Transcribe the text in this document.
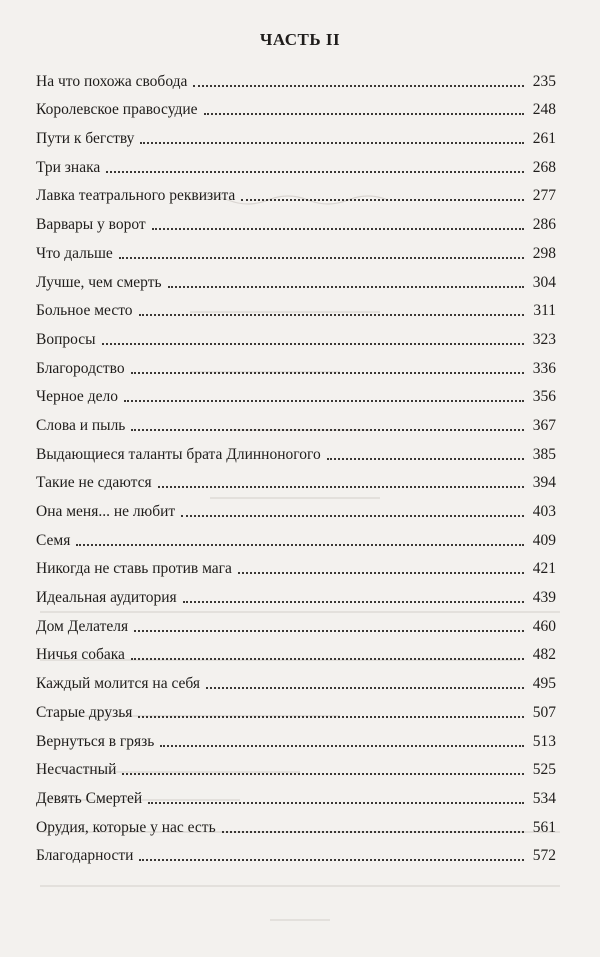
ЧАСТЬ II
На что похожа свобода	235
Королевское правосудие	248
Пути к бегству	261
Три знака	268
Лавка театрального реквизита	277
Варвары у ворот	286
Что дальше	298
Лучше, чем смерть	304
Больное место	311
Вопросы	323
Благородство	336
Черное дело	356
Слова и пыль	367
Выдающиеся таланты брата Длинноногого	385
Такие не сдаются	394
Она меня... не любит	403
Семя	409
Никогда не ставь против мага	421
Идеальная аудитория	439
Дом Делателя	460
Ничья собака	482
Каждый молится на себя	495
Старые друзья	507
Вернуться в грязь	513
Несчастный	525
Девять Смертей	534
Орудия, которые у нас есть	561
Благодарности	572
